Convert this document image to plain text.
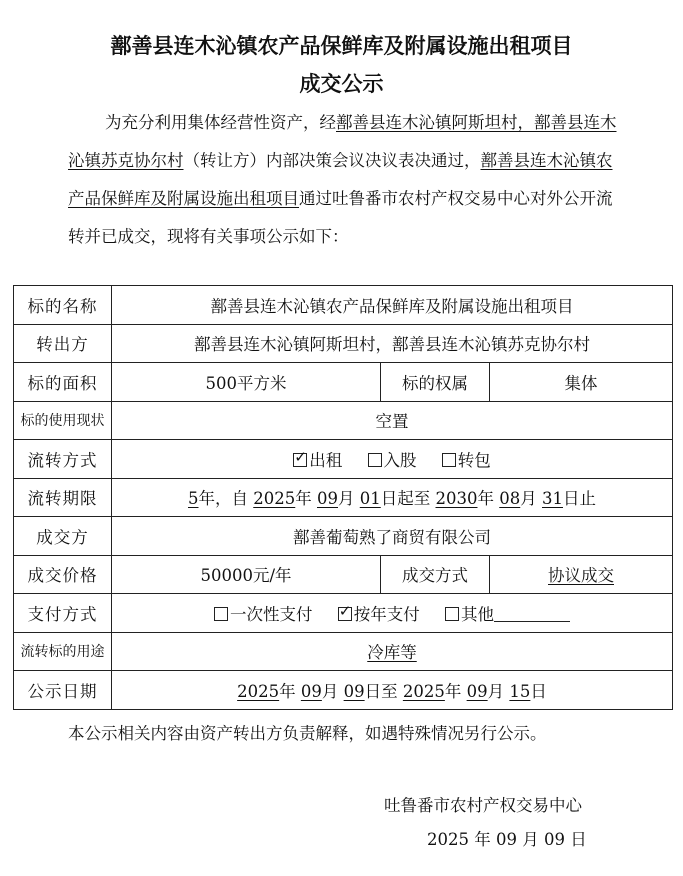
鄯善县连木沁镇农产品保鲜库及附属设施出租项目
成交公示

为充分利用集体经营性资产，经鄯善县连木沁镇阿斯坦村，鄯善县连木沁镇苏克协尔村（转让方）内部决策会议决议表决通过，鄯善县连木沁镇农产品保鲜库及附属设施出租项目通过吐鲁番市农村产权交易中心对外公开流转并已成交，现将有关事项公示如下：

标的名称	鄯善县连木沁镇农产品保鲜库及附属设施出租项目		
转出方	鄯善县连木沁镇阿斯坦村，鄯善县连木沁镇苏克协尔村		
标的面积	500平方米	标的权属	集体
标的使用现状	空置		
流转方式	✓出租 入股 转包
流转期限	5年，自 2025年 09月 01日起至 2030年 08月 31日止		
成交方	鄯善葡萄熟了商贸有限公司		
成交价格	50000元/年	成交方式	协议成交
支付方式	一次性支付 ✓ 按年支付 其他
流转标的用途	冷库等		
公示日期	2025年 09月 09日至 2025年 09月 15日		
本公示相关内容由资产转出方负责解释，如遇特殊情况另行公示。
吐鲁番市农村产权交易中心
2025 年 09 月 09 日
